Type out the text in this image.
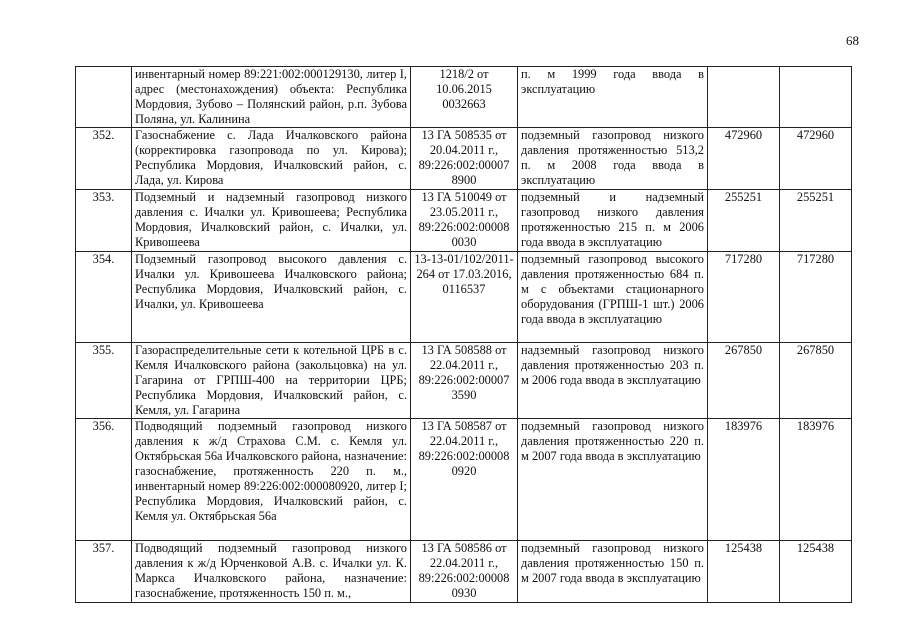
68
	инвентарный номер 89:221:002:000129130, литер I, адрес (местонахождения) объекта: Республика Мордовия, Зубово – Полянский район, р.п. Зубова Поляна, ул. Калинина	1218/2 от 10.06.2015 0032663	п. м 1999 года ввода в эксплуатацию		
352.	Газоснабжение с. Лада Ичалковского района (корректировка газопровода по ул. Кирова); Республика Мордовия, Ичалковский район, с. Лада, ул. Кирова	13 ГА 508535 от 20.04.2011 г., 89:226:002:00007 8900	подземный газопровод низкого давления протяженностью 513,2 п. м 2008 года ввода в эксплуатацию	472960	472960
353.	Подземный и надземный газопровод низкого давления с. Ичалки ул. Кривошеева; Республика Мордовия, Ичалковский район, с. Ичалки, ул. Кривошеева	13 ГА 510049 от 23.05.2011 г., 89:226:002:00008 0030	подземный и надземный газопровод низкого давления протяженностью 215 п. м 2006 года ввода в эксплуатацию	255251	255251
354.	Подземный газопровод высокого давления с. Ичалки ул. Кривошеева Ичалковского района; Республика Мордовия, Ичалковский район, с. Ичалки, ул. Кривошеева	13-13-01/102/2011-264 от 17.03.2016, 0116537	подземный газопровод высокого давления протяженностью 684 п. м с объектами стационарного оборудования (ГРПШ-1 шт.) 2006 года ввода в эксплуатацию	717280	717280
355.	Газораспределительные сети к котельной ЦРБ в с. Кемля Ичалковского района (закольцовка) на ул. Гагарина от ГРПШ-400 на территории ЦРБ; Республика Мордовия, Ичалковский район, с. Кемля, ул. Гагарина	13 ГА 508588 от 22.04.2011 г., 89:226:002:00007 3590	надземный газопровод низкого давления протяженностью 203 п. м 2006 года ввода в эксплуатацию	267850	267850
356.	Подводящий подземный газопровод низкого давления к ж/д Страхова С.М. с. Кемля ул. Октябрьская 56а Ичалковского района, назначение: газоснабжение, протяженность 220 п. м., инвентарный номер 89:226:002:000080920, литер I; Республика Мордовия, Ичалковский район, с. Кемля ул. Октябрьская 56а	13 ГА 508587 от 22.04.2011 г., 89:226:002:00008 0920	подземный газопровод низкого давления протяженностью 220 п. м 2007 года ввода в эксплуатацию	183976	183976
357.	Подводящий подземный газопровод низкого давления к ж/д Юрченковой А.В. с. Ичалки ул. К. Маркса Ичалковского района, назначение: газоснабжение, протяженность 150 п. м.,	13 ГА 508586 от 22.04.2011 г., 89:226:002:00008 0930	подземный газопровод низкого давления протяженностью 150 п. м 2007 года ввода в эксплуатацию	125438	125438
